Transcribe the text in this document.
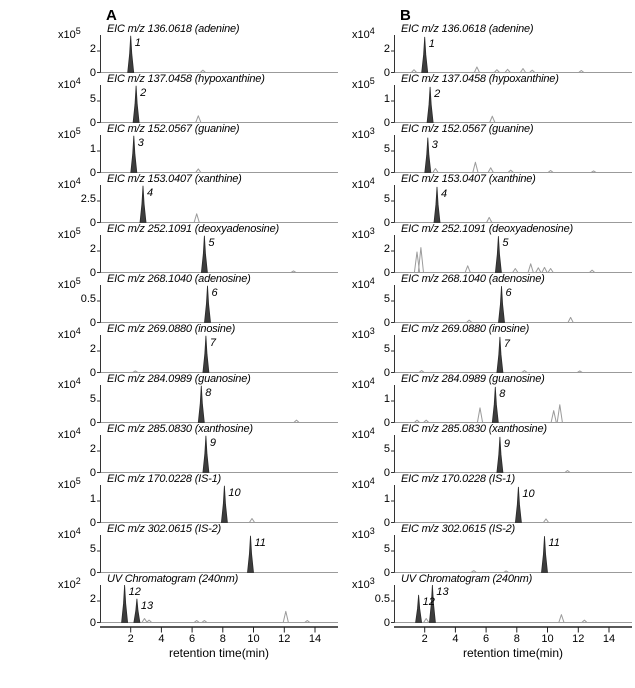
A
$x10^5$
2
0
EIC m/z 136.0618 (adenine)
1
$x10^4$
5
0
EIC m/z 137.0458 (hypoxanthine)
2
$x10^5$
1
0
EIC m/z 152.0567 (guanine)
3
$x10^4$
2.5
0
EIC m/z 153.0407 (xanthine)
4
$x10^5$
2
0
EIC m/z 252.1091 (deoxyadenosine)
5
$x10^5$
0.5
0
EIC m/z 268.1040 (adenosine)
6
$x10^4$
2
0
EIC m/z 269.0880 (inosine)
7
$x10^4$
5
0
EIC m/z 284.0989 (guanosine)
8
$x10^4$
2
0
EIC m/z 285.0830 (xanthosine)
9
$x10^5$
1
0
EIC m/z 170.0228 (IS-1)
10
$x10^4$
5
0
EIC m/z 302.0615 (IS-2)
11
$x10^2$
2
0
UV Chromatogram (240nm)
12
13
2	4	6	8	10	12	14
retention time(min)
B
$x10^4$
2
0
EIC m/z 136.0618 (adenine)
1
$x10^5$
1
0
EIC m/z 137.0458 (hypoxanthine)
2
$x10^3$
5
0
EIC m/z 152.0567 (guanine)
3
$x10^4$
5
0
EIC m/z 153.0407 (xanthine)
4
$x10^3$
2
0
EIC m/z 252.1091 (deoxyadenosine)
5
$x10^4$
5
0
EIC m/z 268.1040 (adenosine)
6
$x10^3$
5
0
EIC m/z 269.0880 (inosine)
7
$x10^4$
1
0
EIC m/z 284.0989 (guanosine)
8
$x10^4$
5
0
EIC m/z 285.0830 (xanthosine)
9
$x10^4$
1
0
EIC m/z 170.0228 (IS-1)
10
$x10^3$
5
0
EIC m/z 302.0615 (IS-2)
11
$x10^3$
0.5
0
UV Chromatogram (240nm)
12
13
2	4	6	8	10	12	14
retention time(min)
